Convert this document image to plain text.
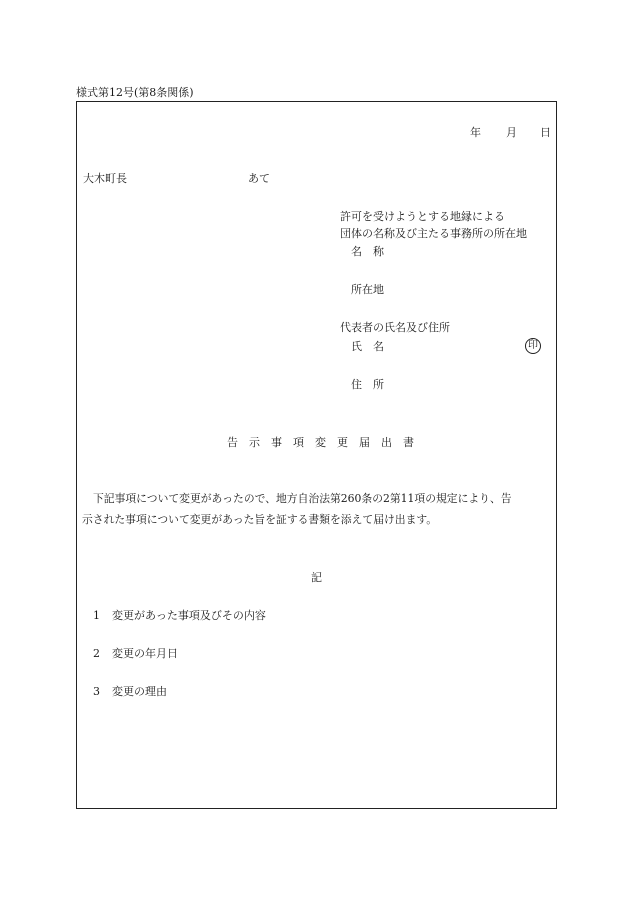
様式第12号(第8条関係)
年 月 日
大木町長	あて
許可を受けようとする地縁による
団体の名称及び主たる事務所の所在地
名　称
所在地
代表者の氏名及び住所
氏　名	印
住　所
告 示 事 項 変 更 届 出 書
下記事項について変更があったので、地方自治法第260条の2第11項の規定により、告
示された事項について変更があった旨を証する書類を添えて届け出ます。
記
1 変更があった事項及びその内容
2 変更の年月日
3 変更の理由
